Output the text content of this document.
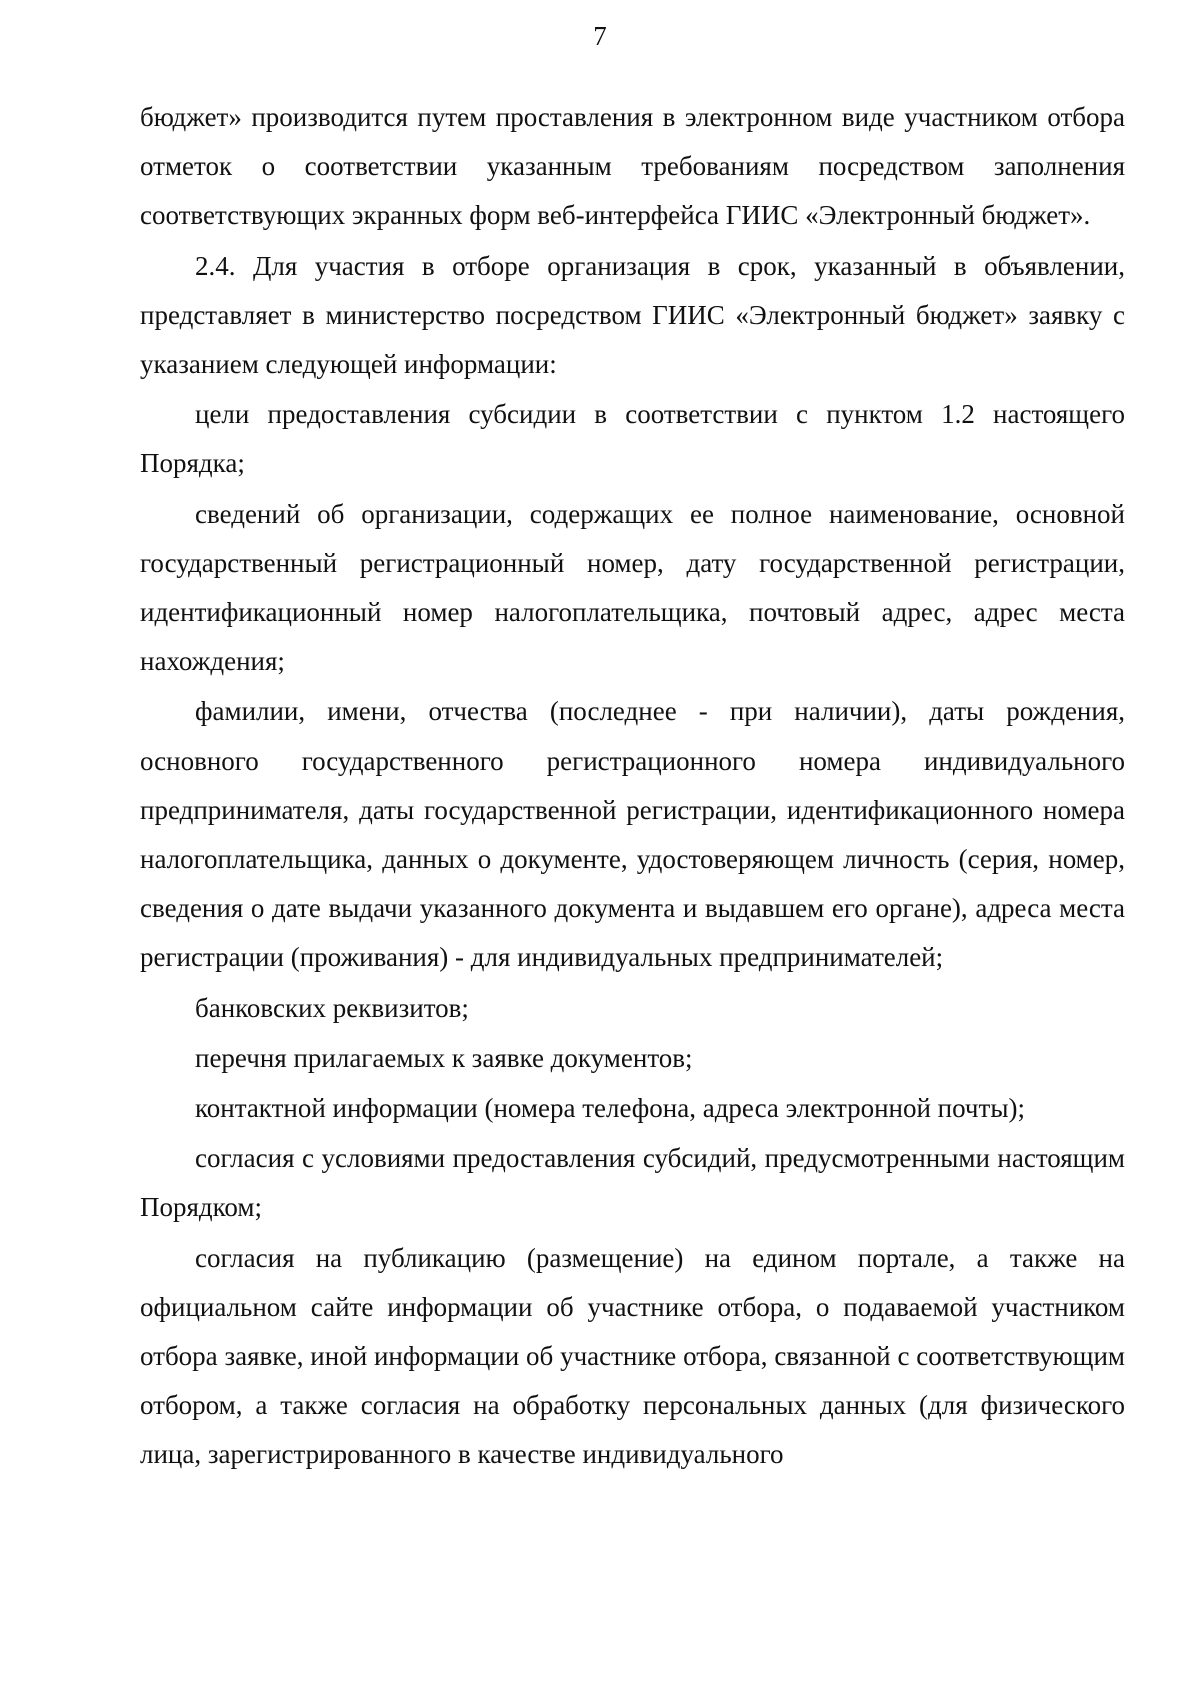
7

бюджет» производится путем проставления в электронном виде участником отбора отметок о соответствии указанным требованиям посредством заполнения соответствующих экранных форм веб-интерфейса ГИИС «Электронный бюджет».

2.4. Для участия в отборе организация в срок, указанный в объявлении, представляет в министерство посредством ГИИС «Электронный бюджет» заявку с указанием следующей информации:

цели предоставления субсидии в соответствии с пунктом 1.2 настоящего Порядка;

сведений об организации, содержащих ее полное наименование, основной государственный регистрационный номер, дату государственной регистрации, идентификационный номер налогоплательщика, почтовый адрес, адрес места нахождения;

фамилии, имени, отчества (последнее - при наличии), даты рождения, основного государственного регистрационного номера индивидуального предпринимателя, даты государственной регистрации, идентификационного номера налогоплательщика, данных о документе, удостоверяющем личность (серия, номер, сведения о дате выдачи указанного документа и выдавшем его органе), адреса места регистрации (проживания) - для индивидуальных предпринимателей;

банковских реквизитов;

перечня прилагаемых к заявке документов;

контактной информации (номера телефона, адреса электронной почты);

согласия с условиями предоставления субсидий, предусмотренными настоящим Порядком;

согласия на публикацию (размещение) на едином портале, а также на официальном сайте информации об участнике отбора, о подаваемой участником отбора заявке, иной информации об участнике отбора, связанной с соответствующим отбором, а также согласия на обработку персональных данных (для физического лица, зарегистрированного в качестве индивидуального
